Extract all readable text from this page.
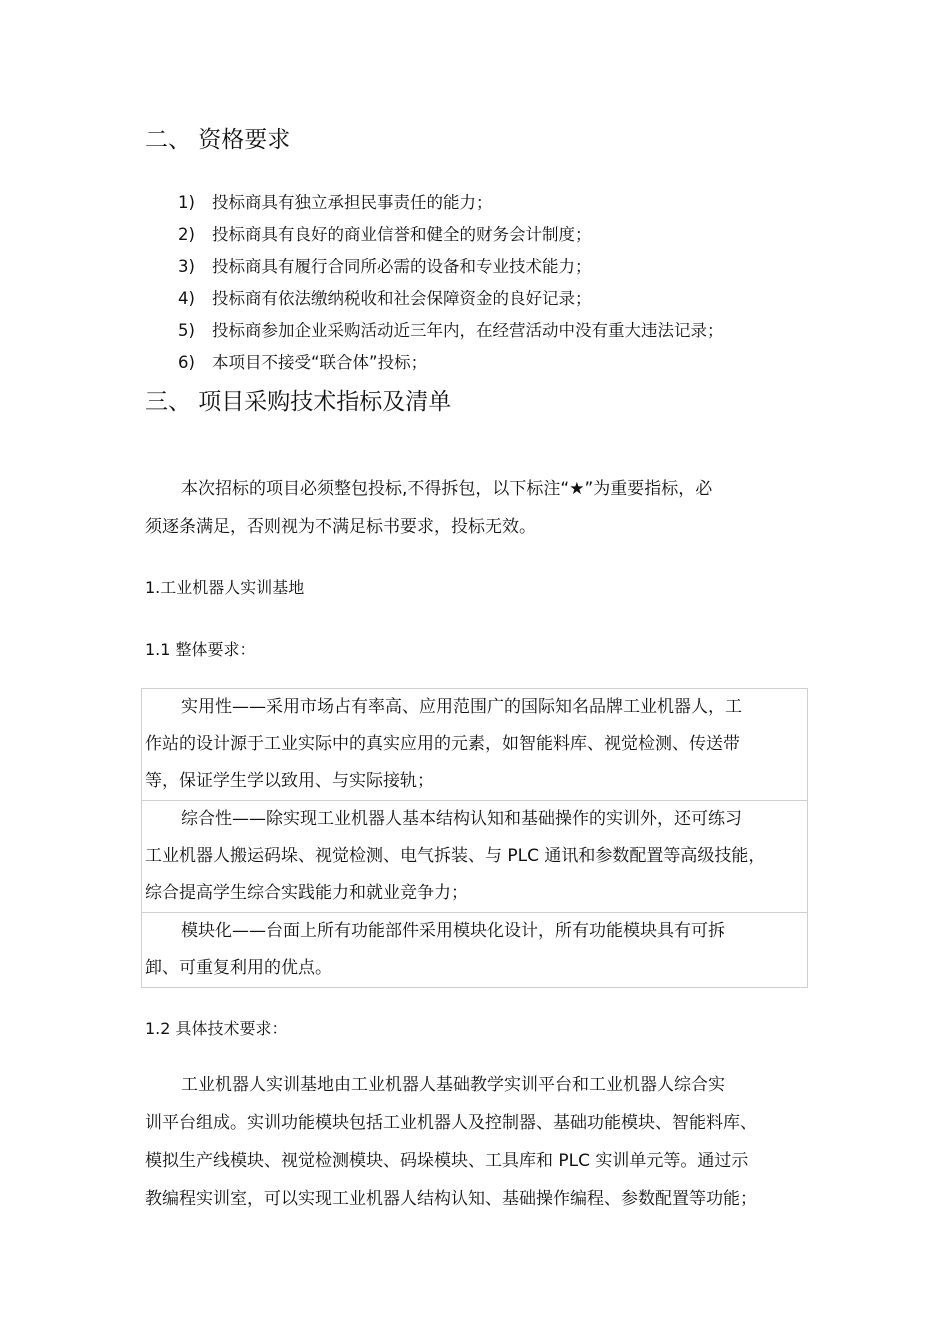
二、 资格要求
1) 投标商具有独立承担民事责任的能力；
2) 投标商具有良好的商业信誉和健全的财务会计制度；
3) 投标商具有履行合同所必需的设备和专业技术能力；
4) 投标商有依法缴纳税收和社会保障资金的良好记录；
5) 投标商参加企业采购活动近三年内，在经营活动中没有重大违法记录；
6) 本项目不接受“联合体”投标；
三、 项目采购技术指标及清单
本次招标的项目必须整包投标,不得拆包，以下标注“★”为重要指标，必
须逐条满足，否则视为不满足标书要求，投标无效。
1.工业机器人实训基地
1.1 整体要求：
实用性——采用市场占有率高、应用范围广的国际知名品牌工业机器人，工
作站的设计源于工业实际中的真实应用的元素，如智能料库、视觉检测、传送带
等，保证学生学以致用、与实际接轨；
综合性——除实现工业机器人基本结构认知和基础操作的实训外，还可练习
工业机器人搬运码垛、视觉检测、电气拆装、与 PLC 通讯和参数配置等高级技能，
综合提高学生综合实践能力和就业竞争力；
模块化——台面上所有功能部件采用模块化设计，所有功能模块具有可拆
卸、可重复利用的优点。
1.2 具体技术要求：
工业机器人实训基地由工业机器人基础教学实训平台和工业机器人综合实
训平台组成。实训功能模块包括工业机器人及控制器、基础功能模块、智能料库、
模拟生产线模块、视觉检测模块、码垛模块、工具库和 PLC 实训单元等。通过示
教编程实训室，可以实现工业机器人结构认知、基础操作编程、参数配置等功能；
